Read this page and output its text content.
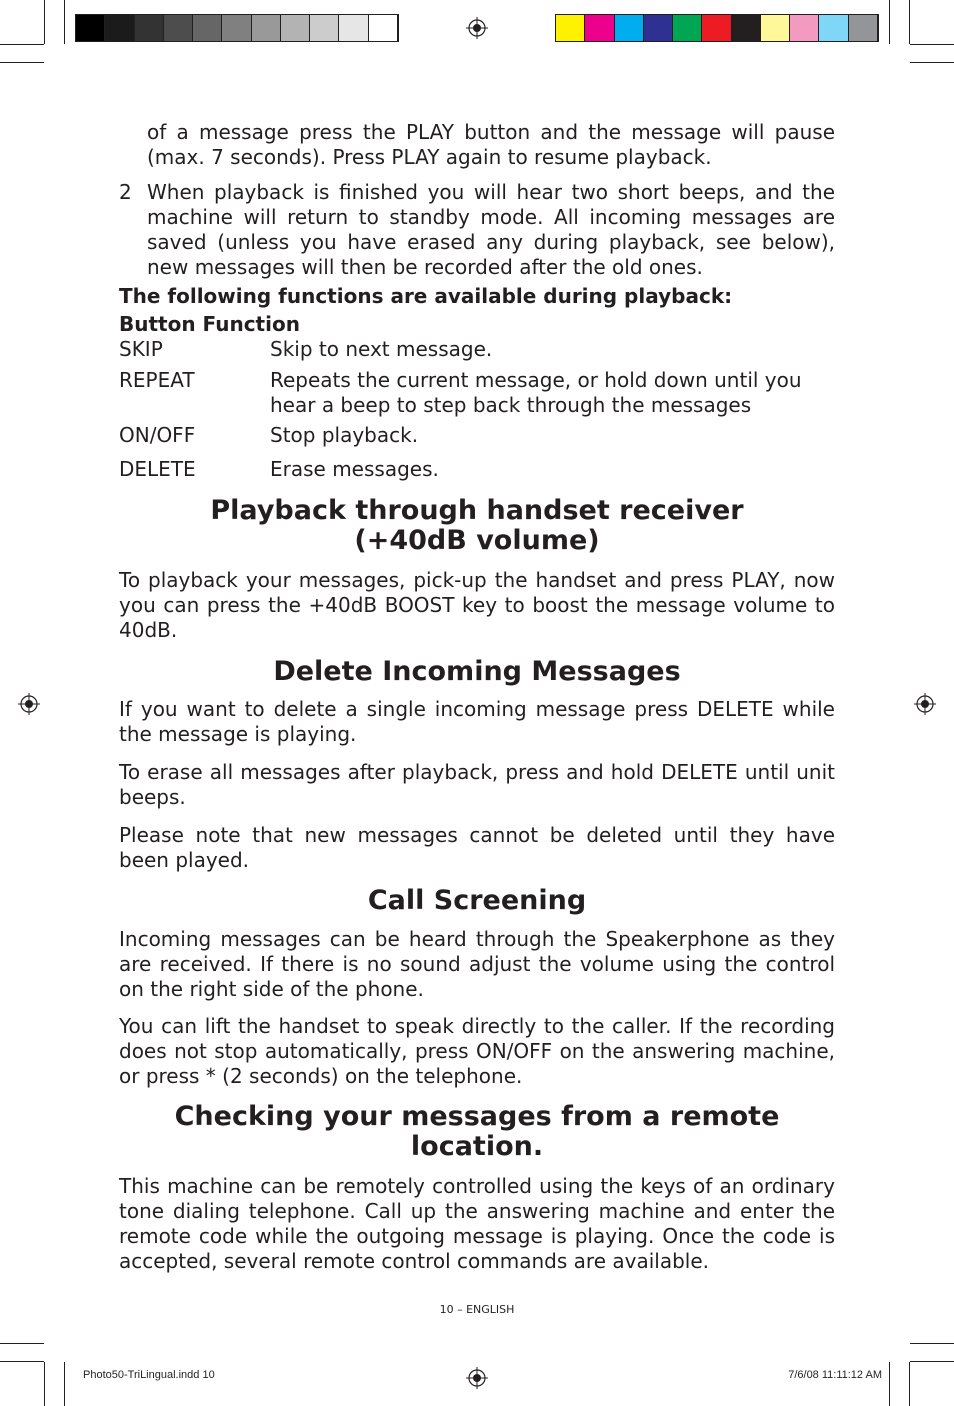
of a message press the PLAY button and the message will pause (max. 7 seconds). Press PLAY again to resume playback.

2 When playback is finished you will hear two short beeps, and the machine will return to standby mode. All incoming messages are saved (unless you have erased any during playback, see below), new messages will then be recorded after the old ones.

The following functions are available during playback:
Button Function
SKIP	Skip to next message.
REPEAT	Repeats the current message, or hold down until you hear a beep to step back through the messages
ON/OFF	Stop playback.
DELETE	Erase messages.
Playback through handset receiver
(+40dB volume)

To playback your messages, pick-up the handset and press PLAY, now you can press the +40dB BOOST key to boost the message volume to 40dB.

Delete Incoming Messages

If you want to delete a single incoming message press DELETE while the message is playing.

To erase all messages after playback, press and hold DELETE until unit beeps.

Please note that new messages cannot be deleted until they have been played.

Call Screening

Incoming messages can be heard through the Speakerphone as they are received. If there is no sound adjust the volume using the control on the right side of the phone.

You can lift the handset to speak directly to the caller. If the recording does not stop automatically, press ON/OFF on the answering machine, or press * (2 seconds) on the telephone.

Checking your messages from a remote
location.

This machine can be remotely controlled using the keys of an ordinary tone dialing telephone. Call up the answering machine and enter the remote code while the outgoing message is playing. Once the code is accepted, several remote control commands are available.

10 – ENGLISH
Photo50-TriLingual.indd 10	7/6/08 11:11:12 AM
